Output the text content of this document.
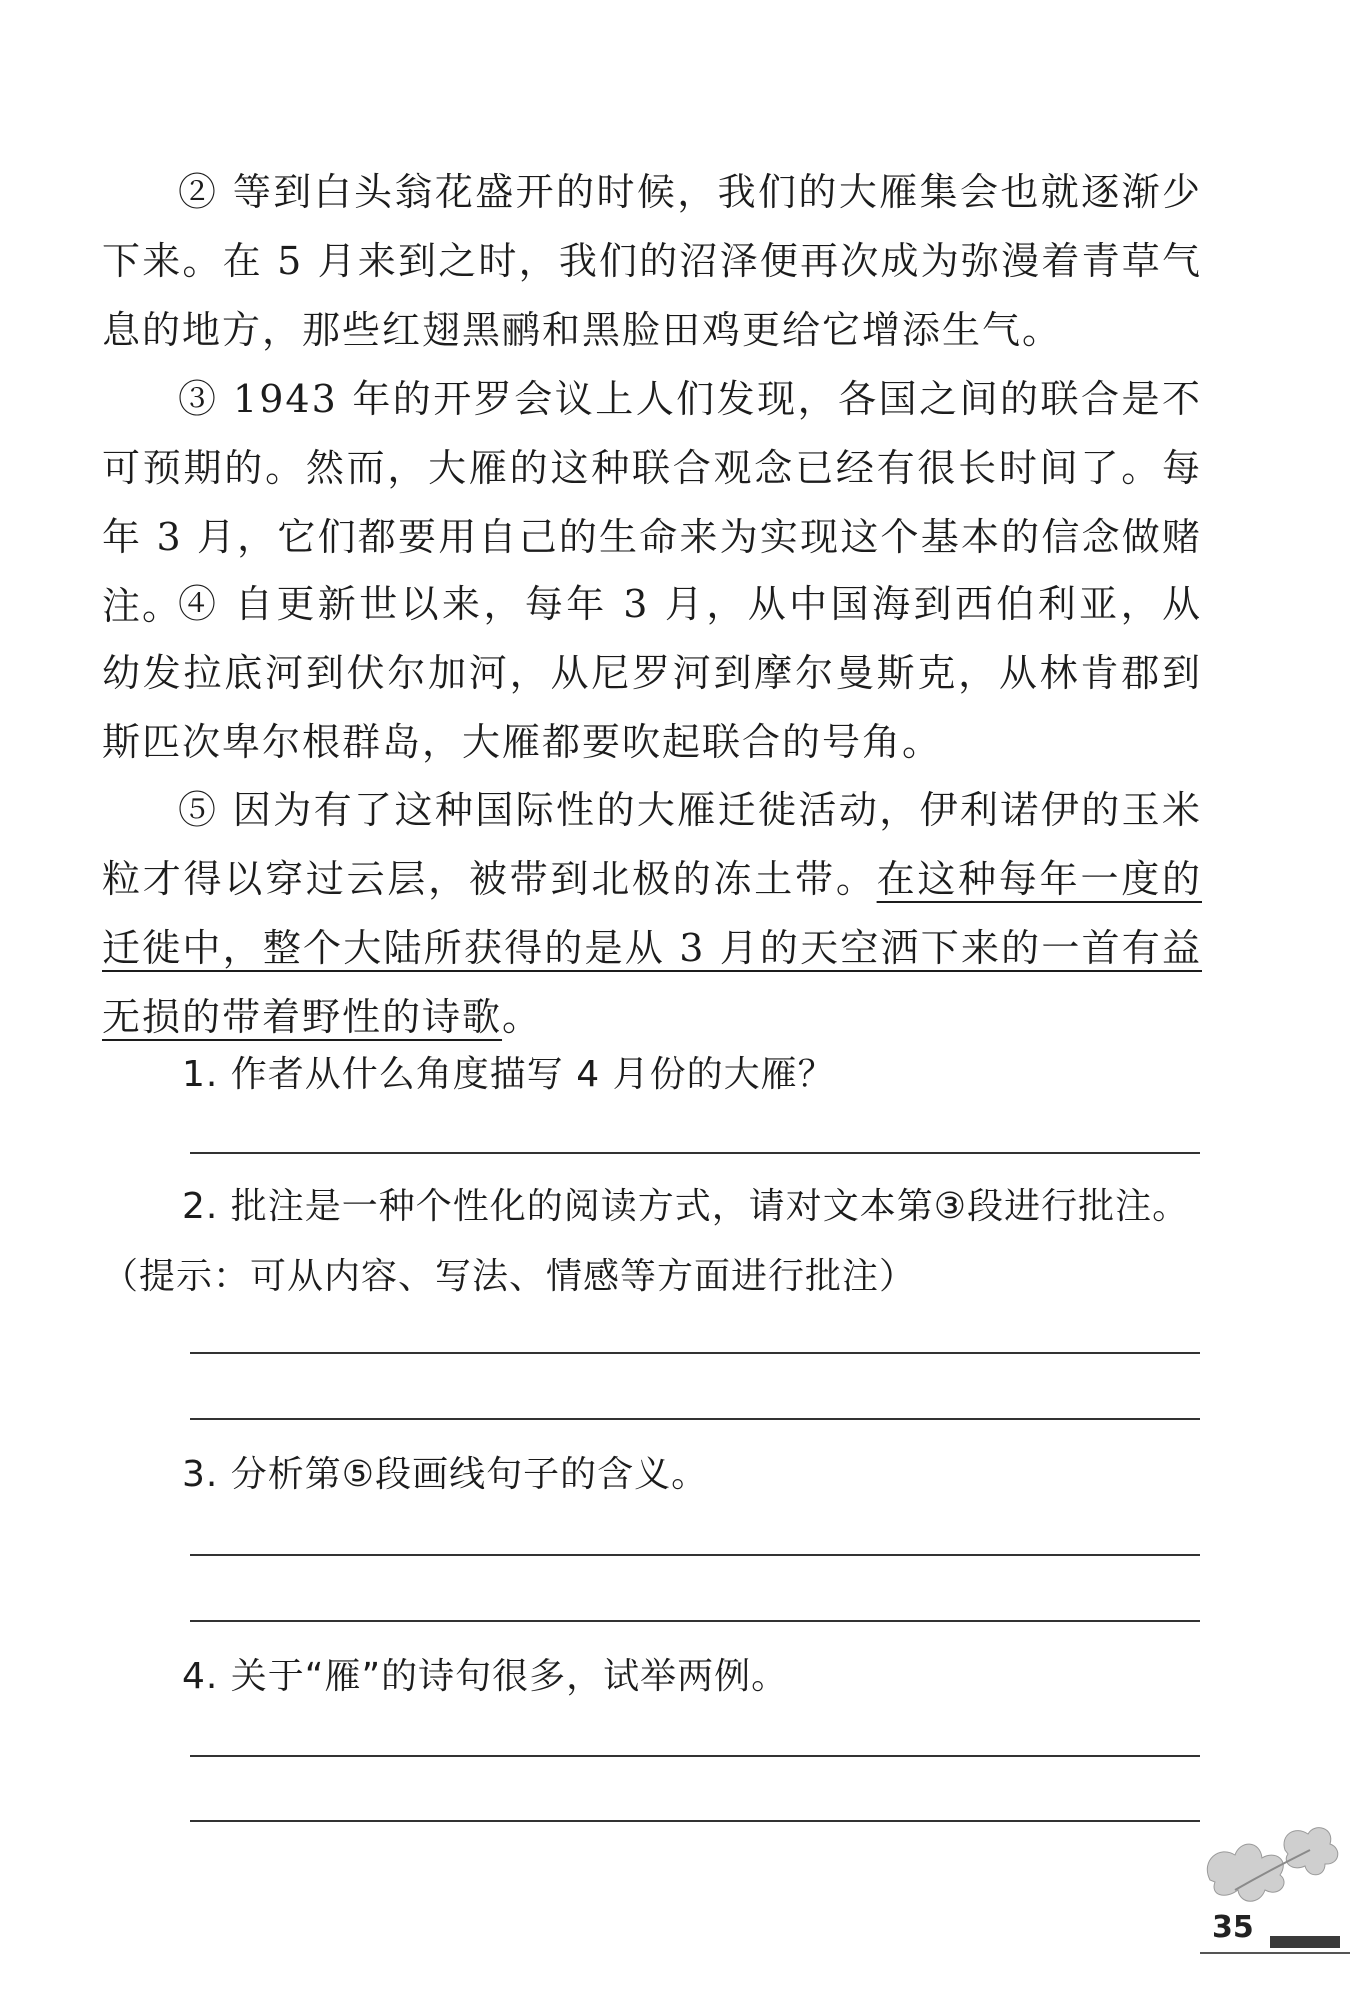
② 等到白头翁花盛开的时候，我们的大雁集会也就逐渐少下来。在 5 月来到之时，我们的沼泽便再次成为弥漫着青草气息的地方，那些红翅黑鹂和黑脸田鸡更给它增添生气。
③ 1943 年的开罗会议上人们发现，各国之间的联合是不可预期的。然而，大雁的这种联合观念已经有很长时间了。每年 3 月，它们都要用自己的生命来为实现这个基本的信念做赌注。
④ 自更新世以来，每年 3 月，从中国海到西伯利亚，从幼发拉底河到伏尔加河，从尼罗河到摩尔曼斯克，从林肯郡到斯匹次卑尔根群岛，大雁都要吹起联合的号角。
⑤ 因为有了这种国际性的大雁迁徙活动，伊利诺伊的玉米粒才得以穿过云层，被带到北极的冻土带。在这种每年一度的迁徙中，整个大陆所获得的是从 3 月的天空洒下来的一首有益无损的带着野性的诗歌。
1. 作者从什么角度描写 4 月份的大雁？
2. 批注是一种个性化的阅读方式，请对文本第③段进行批注。（提示：可从内容、写法、情感等方面进行批注）
3. 分析第⑤段画线句子的含义。
4. 关于“雁”的诗句很多，试举两例。
35
